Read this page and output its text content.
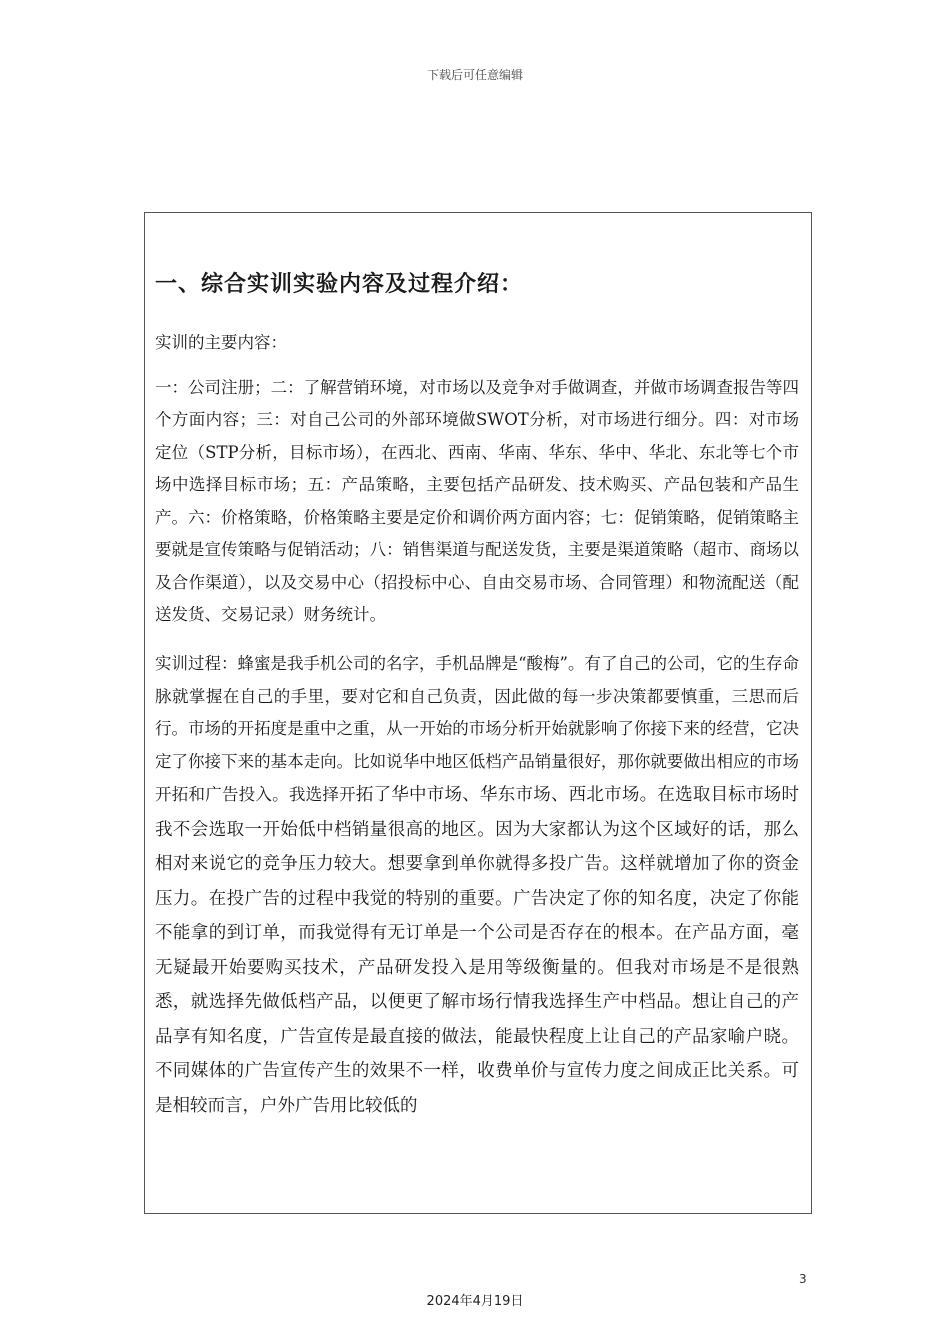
下载后可任意编辑
一、综合实训实验内容及过程介绍：

实训的主要内容：

一：公司注册；二：了解营销环境，对市场以及竞争对手做调查，并做市场调查报告等四个方面内容；三：对自己公司的外部环境做SWOT分析，对市场进行细分。四：对市场定位（STP分析，目标市场），在西北、西南、华南、华东、华中、华北、东北等七个市场中选择目标市场；五：产品策略，主要包括产品研发、技术购买、产品包装和产品生产。六：价格策略，价格策略主要是定价和调价两方面内容；七：促销策略，促销策略主要就是宣传策略与促销活动；八：销售渠道与配送发货，主要是渠道策略（超市、商场以及合作渠道），以及交易中心（招投标中心、自由交易市场、合同管理）和物流配送（配送发货、交易记录）财务统计。

实训过程：蜂蜜是我手机公司的名字，手机品牌是“酸梅”。有了自己的公司，它的生存命脉就掌握在自己的手里，要对它和自己负责，因此做的每一步决策都要慎重，三思而后行。市场的开拓度是重中之重，从一开始的市场分析开始就影响了你接下来的经营，它决定了你接下来的基本走向。比如说华中地区低档产品销量很好，那你就要做出相应的市场开拓和广告投入。我选择开拓了华中市场、华东市场、西北市场。在选取目标市场时我不会选取一开始低中档销量很高的地区。因为大家都认为这个区域好的话，那么相对来说它的竞争压力较大。想要拿到单你就得多投广告。这样就增加了你的资金压力。在投广告的过程中我觉的特别的重要。广告决定了你的知名度，决定了你能不能拿的到订单，而我觉得有无订单是一个公司是否存在的根本。在产品方面，毫无疑最开始要购买技术，产品研发投入是用等级衡量的。但我对市场是不是很熟悉，就选择先做低档产品，以便更了解市场行情我选择生产中档品。想让自己的产品享有知名度，广告宣传是最直接的做法，能最快程度上让自己的产品家喻户晓。不同媒体的广告宣传产生的效果不一样，收费单价与宣传力度之间成正比关系。可是相较而言，户外广告用比较低的

3
2024年4月19日
